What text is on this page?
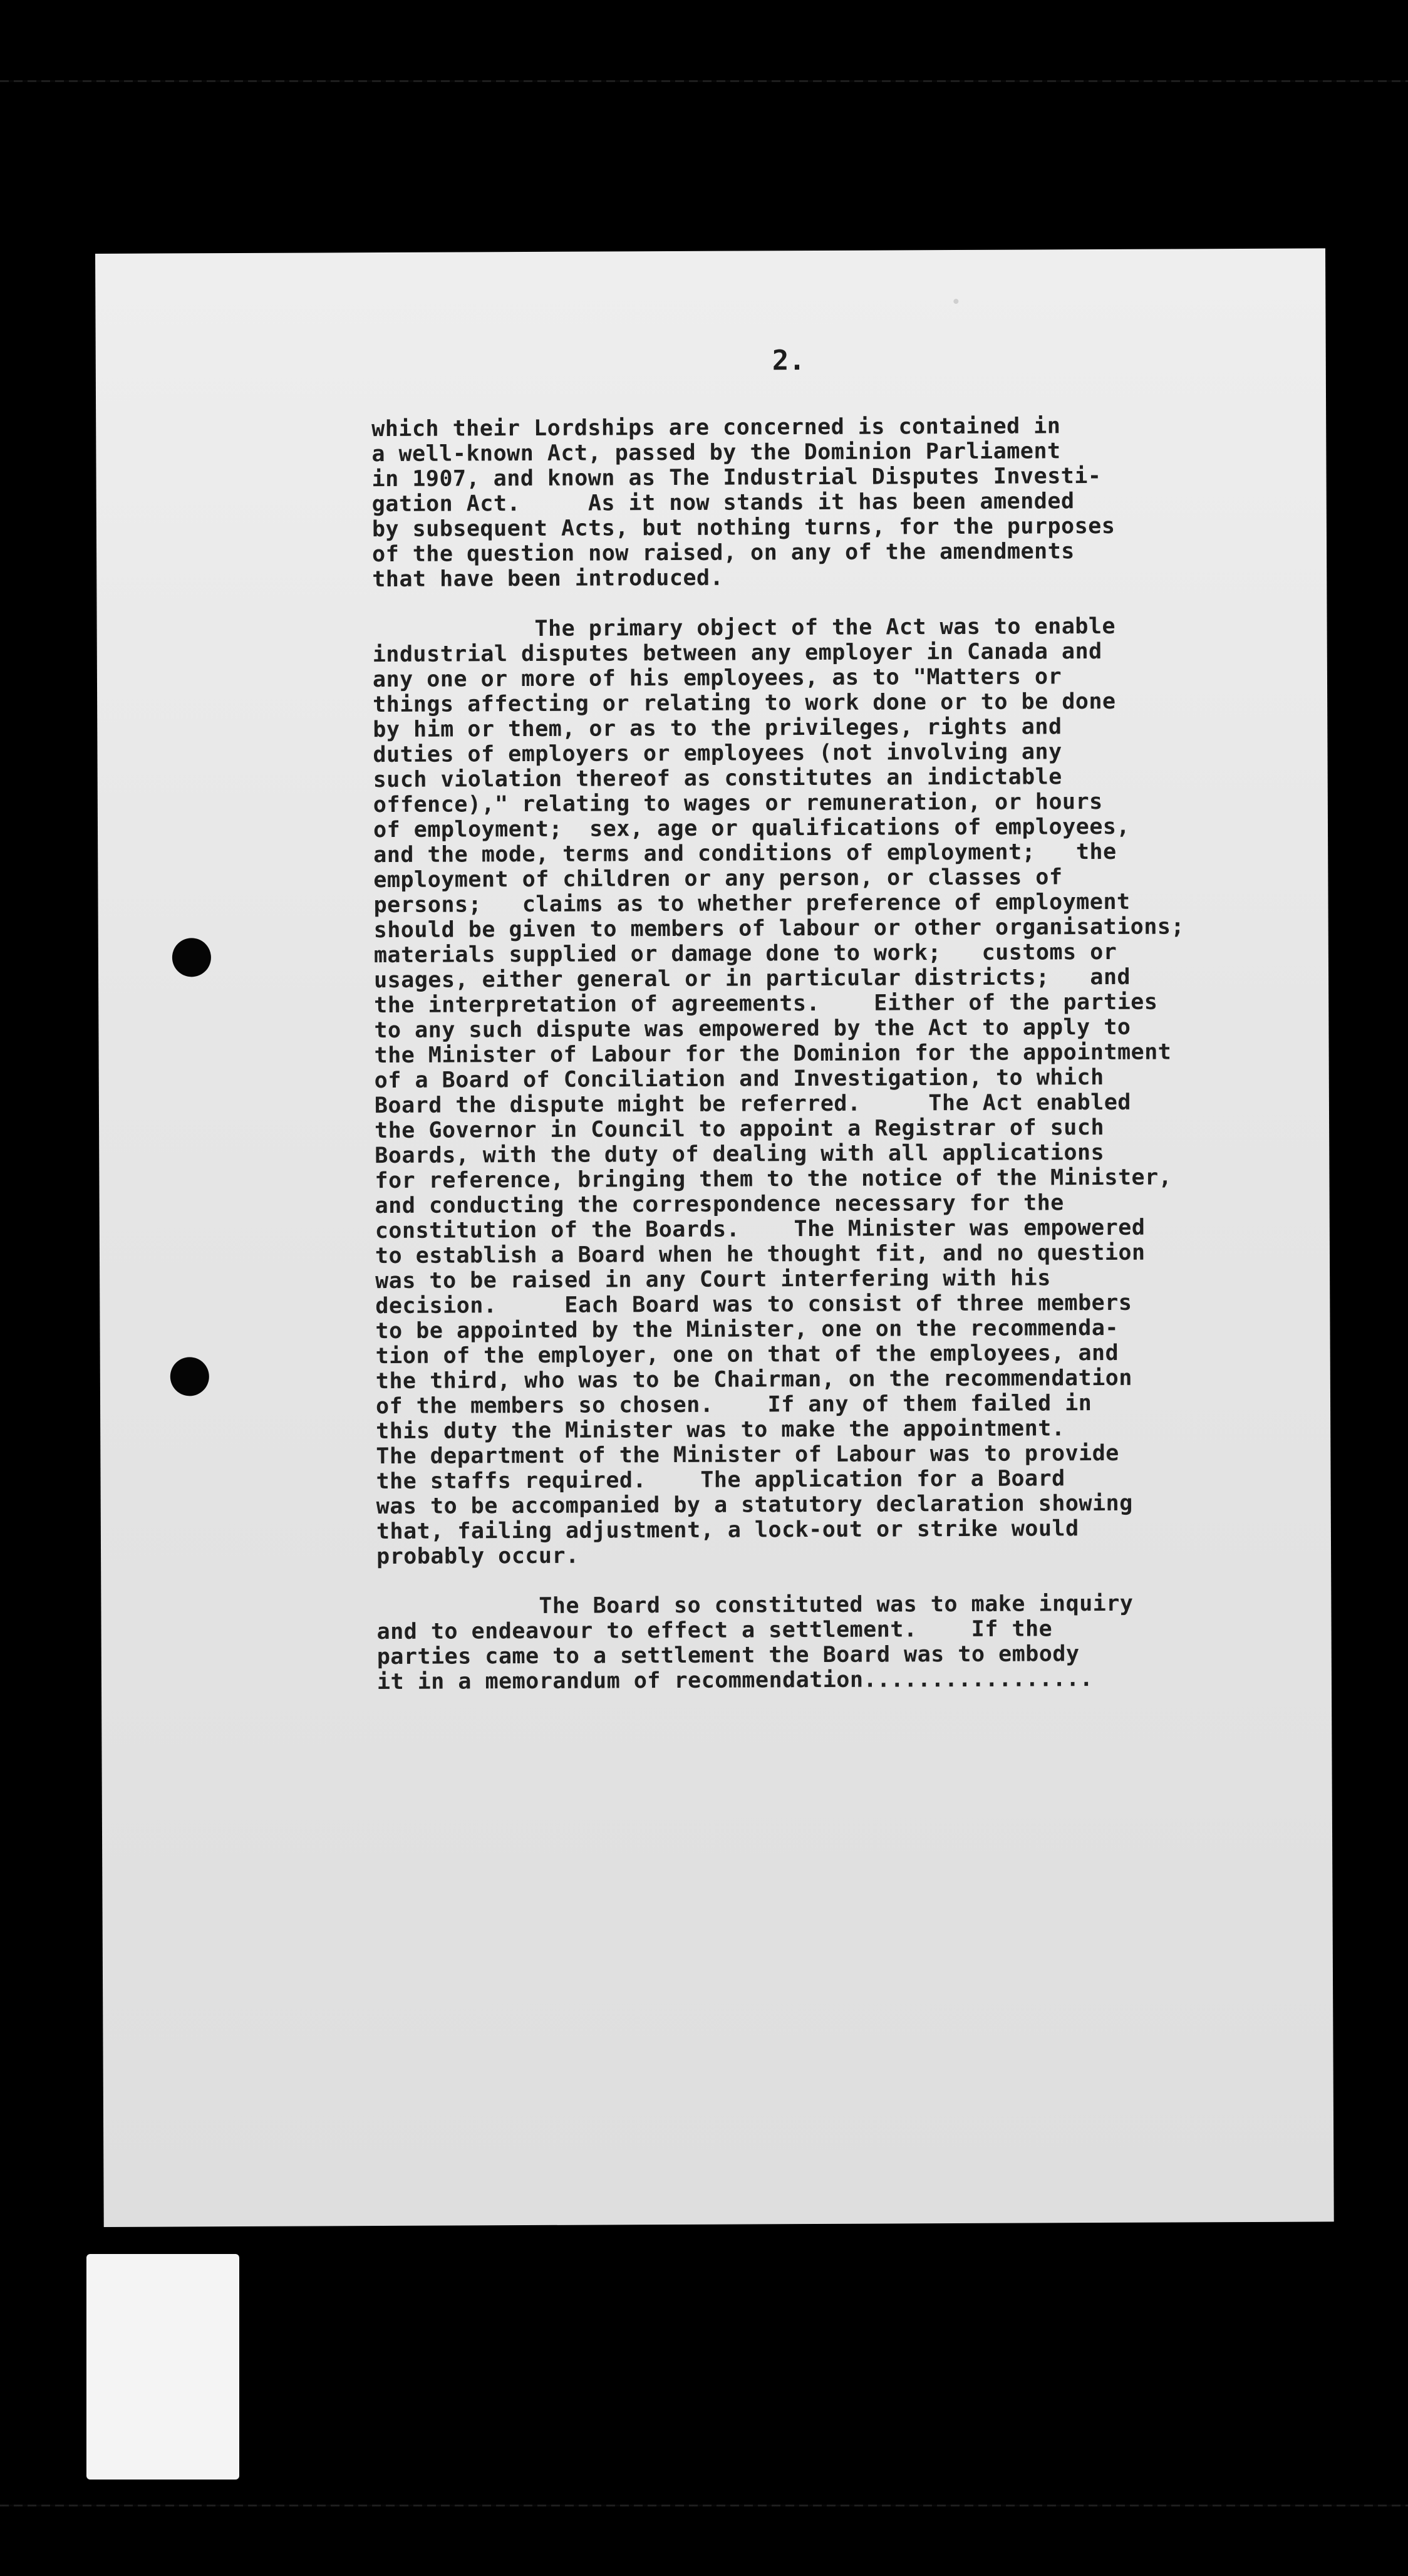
2.
which their Lordships are concerned is contained in
a well-known Act, passed by the Dominion Parliament
in 1907, and known as The Industrial Disputes Investi-
gation Act.     As it now stands it has been amended
by subsequent Acts, but nothing turns, for the purposes
of the question now raised, on any of the amendments
that have been introduced.
The primary object of the Act was to enable
industrial disputes between any employer in Canada and
any one or more of his employees, as to "Matters or
things affecting or relating to work done or to be done
by him or them, or as to the privileges, rights and
duties of employers or employees (not involving any
such violation thereof as constitutes an indictable
offence)," relating to wages or remuneration, or hours
of employment;  sex, age or qualifications of employees,
and the mode, terms and conditions of employment;   the
employment of children or any person, or classes of
persons;   claims as to whether preference of employment
should be given to members of labour or other organisations;
materials supplied or damage done to work;   customs or
usages, either general or in particular districts;   and
the interpretation of agreements.    Either of the parties
to any such dispute was empowered by the Act to apply to
the Minister of Labour for the Dominion for the appointment
of a Board of Conciliation and Investigation, to which
Board the dispute might be referred.     The Act enabled
the Governor in Council to appoint a Registrar of such
Boards, with the duty of dealing with all applications
for reference, bringing them to the notice of the Minister,
and conducting the correspondence necessary for the
constitution of the Boards.    The Minister was empowered
to establish a Board when he thought fit, and no question
was to be raised in any Court interfering with his
decision.     Each Board was to consist of three members
to be appointed by the Minister, one on the recommenda-
tion of the employer, one on that of the employees, and
the third, who was to be Chairman, on the recommendation
of the members so chosen.    If any of them failed in
this duty the Minister was to make the appointment.
The department of the Minister of Labour was to provide
the staffs required.    The application for a Board
was to be accompanied by a statutory declaration showing
that, failing adjustment, a lock-out or strike would
probably occur.
The Board so constituted was to make inquiry
and to endeavour to effect a settlement.    If the
parties came to a settlement the Board was to embody
it in a memorandum of recommendation.................
